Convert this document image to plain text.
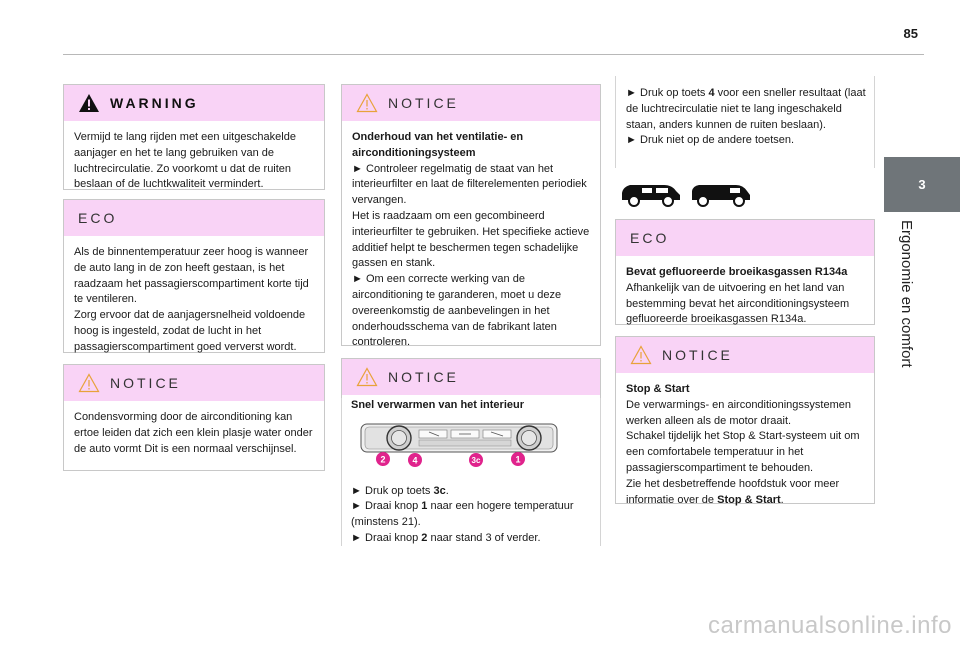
85
3
Ergonomie en comfort
WARNING

Vermijd te lang rijden met een uitgeschakelde aanjager en het te lang gebruiken van de luchtrecirculatie. Zo voorkomt u dat de ruiten beslaan of de luchtkwaliteit vermindert.

ECO

Als de binnentemperatuur zeer hoog is wanneer de auto lang in de zon heeft gestaan, is het raadzaam het passagierscompartiment korte tijd te ventileren.

Zorg ervoor dat de aanjagersnelheid voldoende hoog is ingesteld, zodat de lucht in het passagierscompartiment goed ververst wordt.

NOTICE

Condensvorming door de airconditioning kan ertoe leiden dat zich een klein plasje water onder de auto vormt Dit is een normaal verschijnsel.

NOTICE

Onderhoud van het ventilatie- en airconditioningsysteem

► Controleer regelmatig de staat van het interieurfilter en laat de filterelementen periodiek vervangen.

Het is raadzaam om een gecombineerd interieurfilter te gebruiken. Het specifieke actieve additief helpt te beschermen tegen schadelijke gassen en stank.

► Om een correcte werking van de airconditioning te garanderen, moet u deze overeenkomstig de aanbevelingen in het onderhoudsschema van de fabrikant laten controleren.

NOTICE

Snel verwarmen van het interieur

2	4	3c	1

► Druk op toets 3c.

► Draai knop 1 naar een hogere temperatuur (minstens 21).

► Draai knop 2 naar stand 3 of verder.

► Druk op toets 4 voor een sneller resultaat (laat de luchtrecirculatie niet te lang ingeschakeld staan, anders kunnen de ruiten beslaan).

► Druk niet op de andere toetsen.

ECO

Bevat gefluoreerde broeikasgassen R134a

Afhankelijk van de uitvoering en het land van bestemming bevat het airconditioningsysteem gefluoreerde broeikasgassen R134a.

NOTICE

Stop & Start

De verwarmings- en airconditioningssystemen werken alleen als de motor draait.

Schakel tijdelijk het Stop & Start-systeem uit om een comfortabele temperatuur in het passagierscompartiment te behouden.

Zie het desbetreffende hoofdstuk voor meer informatie over de Stop & Start.

carmanualsonline.info
